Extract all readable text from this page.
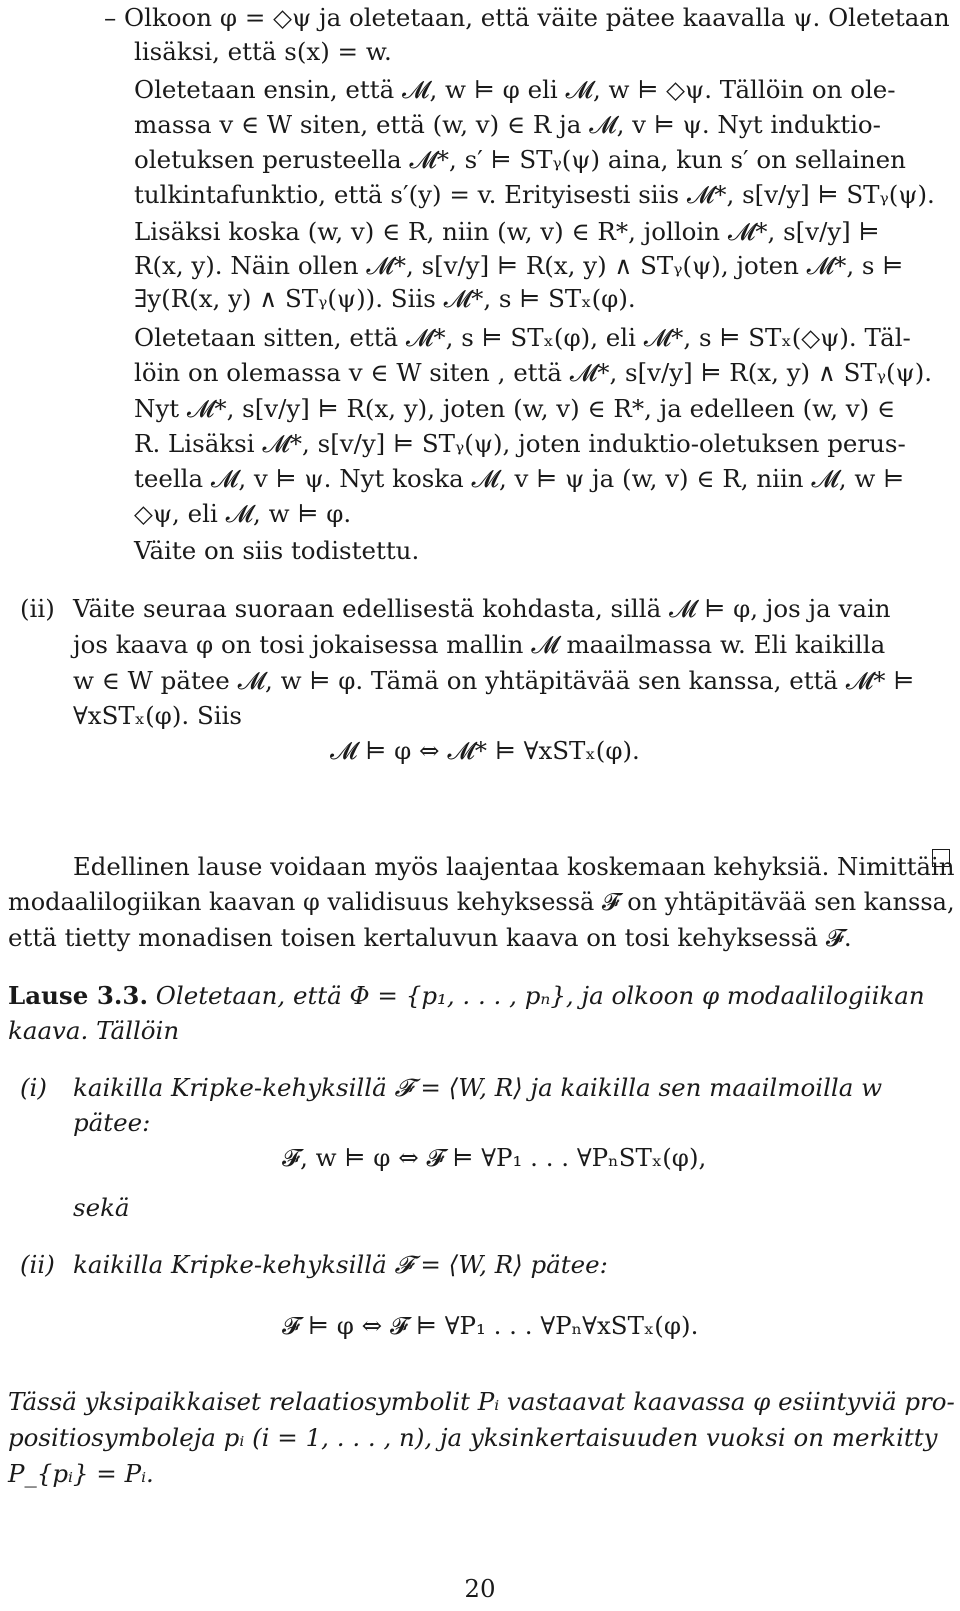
– Olkoon φ = ◇ψ ja oletetaan, että väite pätee kaavalla ψ. Oletetaan
lisäksi, että s(x) = w.
Oletetaan ensin, että 𝓜, w ⊨ φ eli 𝓜, w ⊨ ◇ψ. Tällöin on ole-
massa v ∈ W siten, että (w, v) ∈ R ja 𝓜, v ⊨ ψ. Nyt induktio-
oletuksen perusteella 𝓜*, s′ ⊨ STᵧ(ψ) aina, kun s′ on sellainen
tulkintafunktio, että s′(y) = v. Erityisesti siis 𝓜*, s[v/y] ⊨ STᵧ(ψ).
Lisäksi koska (w, v) ∈ R, niin (w, v) ∈ R*, jolloin 𝓜*, s[v/y] ⊨
R(x, y). Näin ollen 𝓜*, s[v/y] ⊨ R(x, y) ∧ STᵧ(ψ), joten 𝓜*, s ⊨
∃y(R(x, y) ∧ STᵧ(ψ)). Siis 𝓜*, s ⊨ STₓ(φ).
Oletetaan sitten, että 𝓜*, s ⊨ STₓ(φ), eli 𝓜*, s ⊨ STₓ(◇ψ). Täl-
löin on olemassa v ∈ W siten , että 𝓜*, s[v/y] ⊨ R(x, y) ∧ STᵧ(ψ).
Nyt 𝓜*, s[v/y] ⊨ R(x, y), joten (w, v) ∈ R*, ja edelleen (w, v) ∈
R. Lisäksi 𝓜*, s[v/y] ⊨ STᵧ(ψ), joten induktio-oletuksen perus-
teella 𝓜, v ⊨ ψ. Nyt koska 𝓜, v ⊨ ψ ja (w, v) ∈ R, niin 𝓜, w ⊨
◇ψ, eli 𝓜, w ⊨ φ.
Väite on siis todistettu.
(ii) Väite seuraa suoraan edellisestä kohdasta, sillä 𝓜 ⊨ φ, jos ja vain
jos kaava φ on tosi jokaisessa mallin 𝓜 maailmassa w. Eli kaikilla
w ∈ W pätee 𝓜, w ⊨ φ. Tämä on yhtäpitävää sen kanssa, että 𝓜* ⊨
∀xSTₓ(φ). Siis
𝓜 ⊨ φ ⇔ 𝓜* ⊨ ∀xSTₓ(φ).
Edellinen lause voidaan myös laajentaa koskemaan kehyksiä. Nimittäin
modaalilogiikan kaavan φ validisuus kehyksessä 𝓕 on yhtäpitävää sen kanssa,
että tietty monadisen toisen kertaluvun kaava on tosi kehyksessä 𝓕.
Lause 3.3. Oletetaan, että Φ = {p₁, . . . , pₙ}, ja olkoon φ modaalilogiikan
kaava. Tällöin
(i) kaikilla Kripke-kehyksillä 𝓕 = ⟨W, R⟩ ja kaikilla sen maailmoilla w
pätee:
𝓕, w ⊨ φ ⇔ 𝓕 ⊨ ∀P₁ . . . ∀PₙSTₓ(φ),
sekä
(ii) kaikilla Kripke-kehyksillä 𝓕 = ⟨W, R⟩ pätee:
𝓕 ⊨ φ ⇔ 𝓕 ⊨ ∀P₁ . . . ∀Pₙ∀xSTₓ(φ).
Tässä yksipaikkaiset relaatiosymbolit Pᵢ vastaavat kaavassa φ esiintyviä pro-
positiosymboleja pᵢ (i = 1, . . . , n), ja yksinkertaisuuden vuoksi on merkitty
P_{pᵢ} = Pᵢ.
20
